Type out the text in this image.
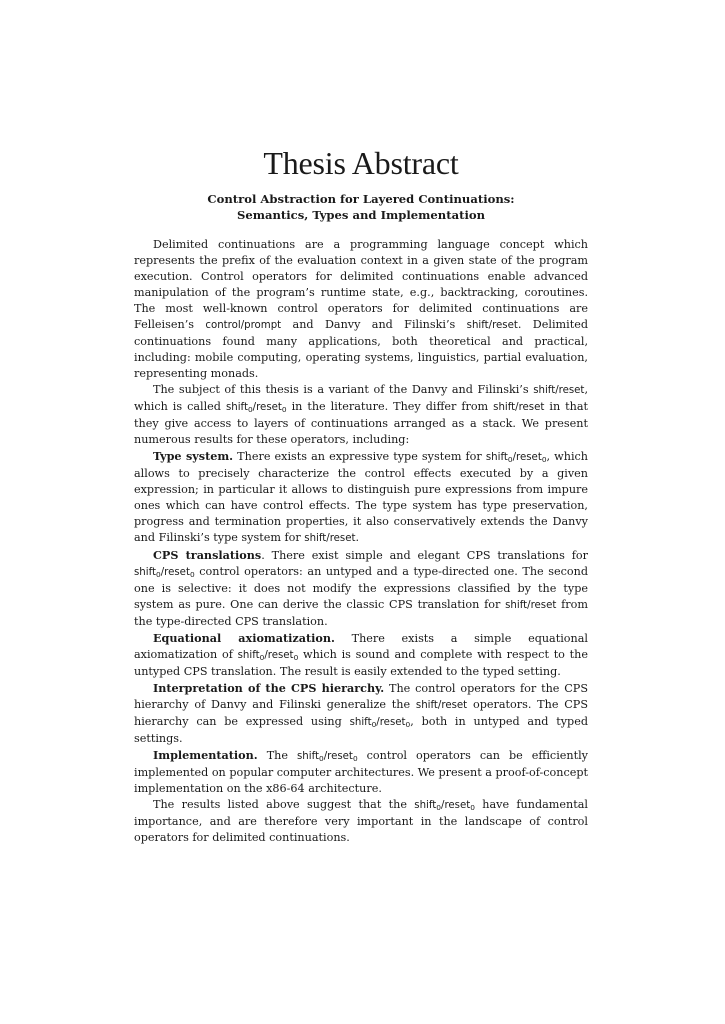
Thesis Abstract
Control Abstraction for Layered Continuations:
Semantics, Types and Implementation

Delimited continuations are a programming language concept which represents the prefix of the evaluation context in a given state of the program execution. Control operators for delimited continuations enable advanced manipulation of the program’s runtime state, e.g., backtracking, coroutines. The most well-known control operators for delimited continuations are Felleisen’s control/prompt and Danvy and Filinski’s shift/reset. Delimited continuations found many applications, both theoretical and practical, including: mobile computing, operating systems, linguistics, partial evaluation, representing monads.

The subject of this thesis is a variant of the Danvy and Filinski’s shift/reset, which is called shift$_0$/reset$_0$ in the literature. They differ from shift/reset in that they give access to layers of continuations arranged as a stack. We present numerous results for these operators, including:

Type system. There exists an expressive type system for shift$_0$/reset$_0$, which allows to precisely characterize the control effects executed by a given expression; in particular it allows to distinguish pure expressions from impure ones which can have control effects. The type system has type preservation, progress and termination properties, it also conservatively extends the Danvy and Filinski’s type system for shift/reset.

CPS translations. There exist simple and elegant CPS translations for shift$_0$/reset$_0$ control operators: an untyped and a type-directed one. The second one is selective: it does not modify the expressions classified by the type system as pure. One can derive the classic CPS translation for shift/reset from the type-directed CPS translation.

Equational axiomatization. There exists a simple equational axiomatization of shift$_0$/reset$_0$ which is sound and complete with respect to the untyped CPS translation. The result is easily extended to the typed setting.

Interpretation of the CPS hierarchy. The control operators for the CPS hierarchy of Danvy and Filinski generalize the shift/reset operators. The CPS hierarchy can be expressed using shift$_0$/reset$_0$, both in untyped and typed settings.

Implementation. The shift$_0$/reset$_0$ control operators can be efficiently implemented on popular computer architectures. We present a proof-of-concept implementation on the x86-64 architecture.

The results listed above suggest that the shift$_0$/reset$_0$ have fundamental importance, and are therefore very important in the landscape of control operators for delimited continuations.
